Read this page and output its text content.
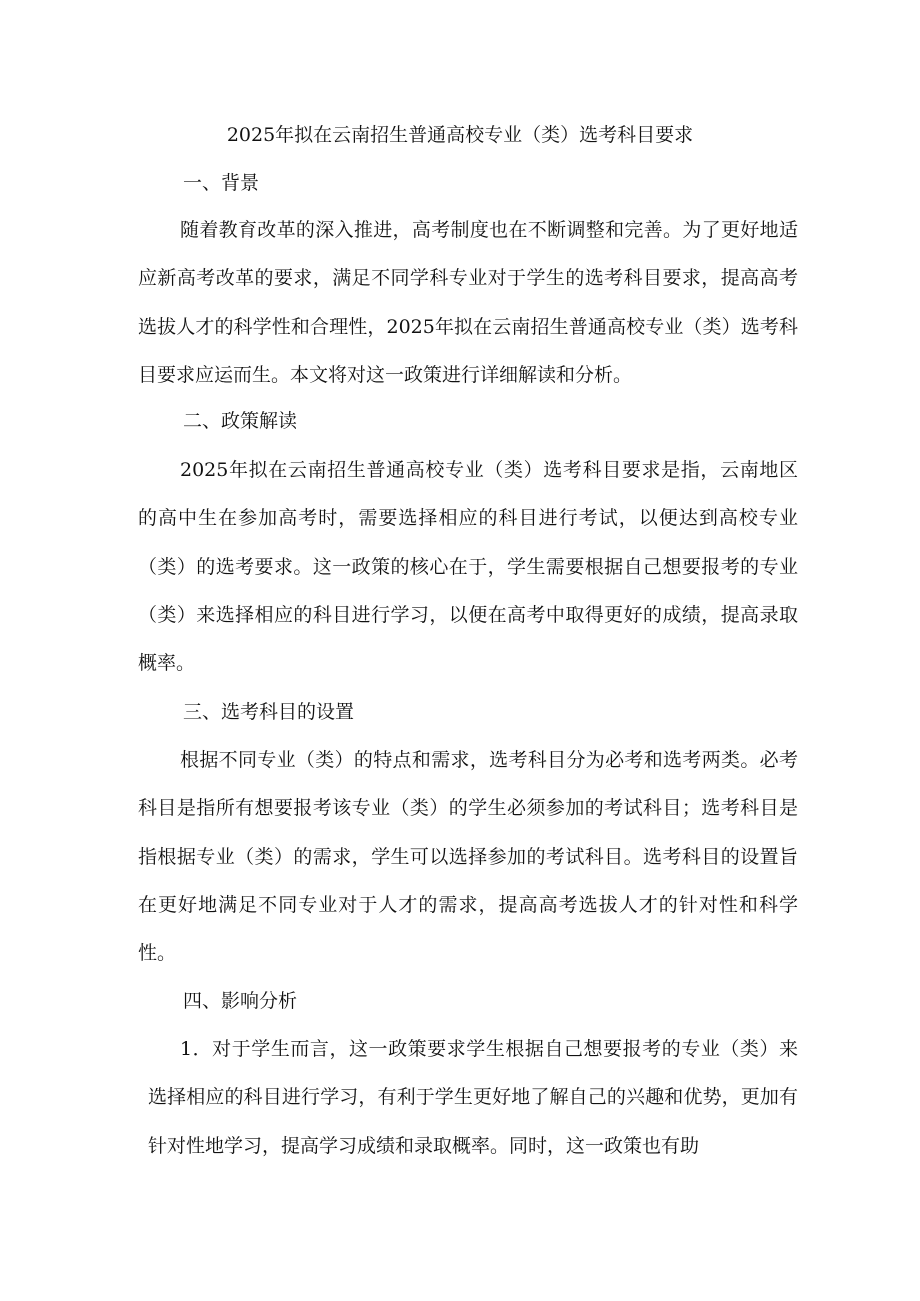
2025年拟在云南招生普通高校专业（类）选考科目要求
一、背景

随着教育改革的深入推进，高考制度也在不断调整和完善。为了更好地适应新高考改革的要求，满足不同学科专业对于学生的选考科目要求，提高高考选拔人才的科学性和合理性，2025年拟在云南招生普通高校专业（类）选考科目要求应运而生。本文将对这一政策进行详细解读和分析。

二、政策解读

2025年拟在云南招生普通高校专业（类）选考科目要求是指，云南地区的高中生在参加高考时，需要选择相应的科目进行考试，以便达到高校专业（类）的选考要求。这一政策的核心在于，学生需要根据自己想要报考的专业（类）来选择相应的科目进行学习，以便在高考中取得更好的成绩，提高录取概率。

三、选考科目的设置

根据不同专业（类）的特点和需求，选考科目分为必考和选考两类。必考科目是指所有想要报考该专业（类）的学生必须参加的考试科目；选考科目是指根据专业（类）的需求，学生可以选择参加的考试科目。选考科目的设置旨在更好地满足不同专业对于人才的需求，提高高考选拔人才的针对性和科学性。

四、影响分析

1．对于学生而言，这一政策要求学生根据自己想要报考的专业（类）来选择相应的科目进行学习，有利于学生更好地了解自己的兴趣和优势，更加有针对性地学习，提高学习成绩和录取概率。同时，这一政策也有助
